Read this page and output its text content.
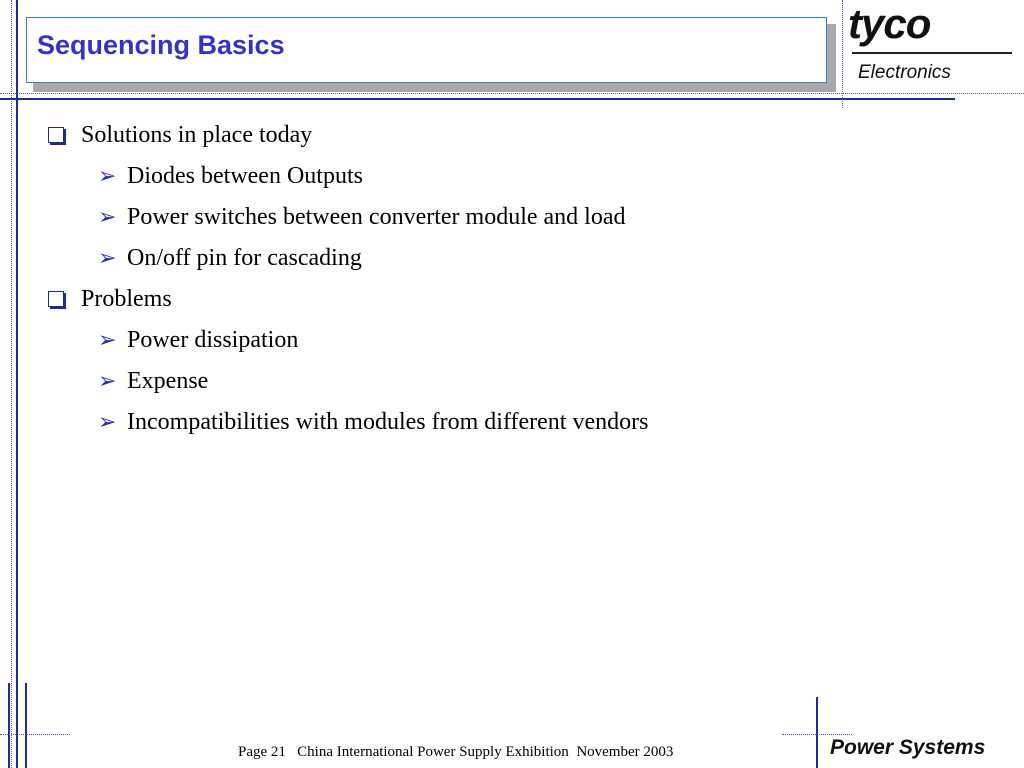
Sequencing Basics	tyco
Electronics
Solutions in place today
➢ Diodes between Outputs
➢ Power switches between converter module and load
➢ On/off pin for cascading
Problems
➢ Power dissipation
➢ Expense
➢ Incompatibilities with modules from different vendors
Page 21 China International Power Supply Exhibition November 2003	Power Systems
